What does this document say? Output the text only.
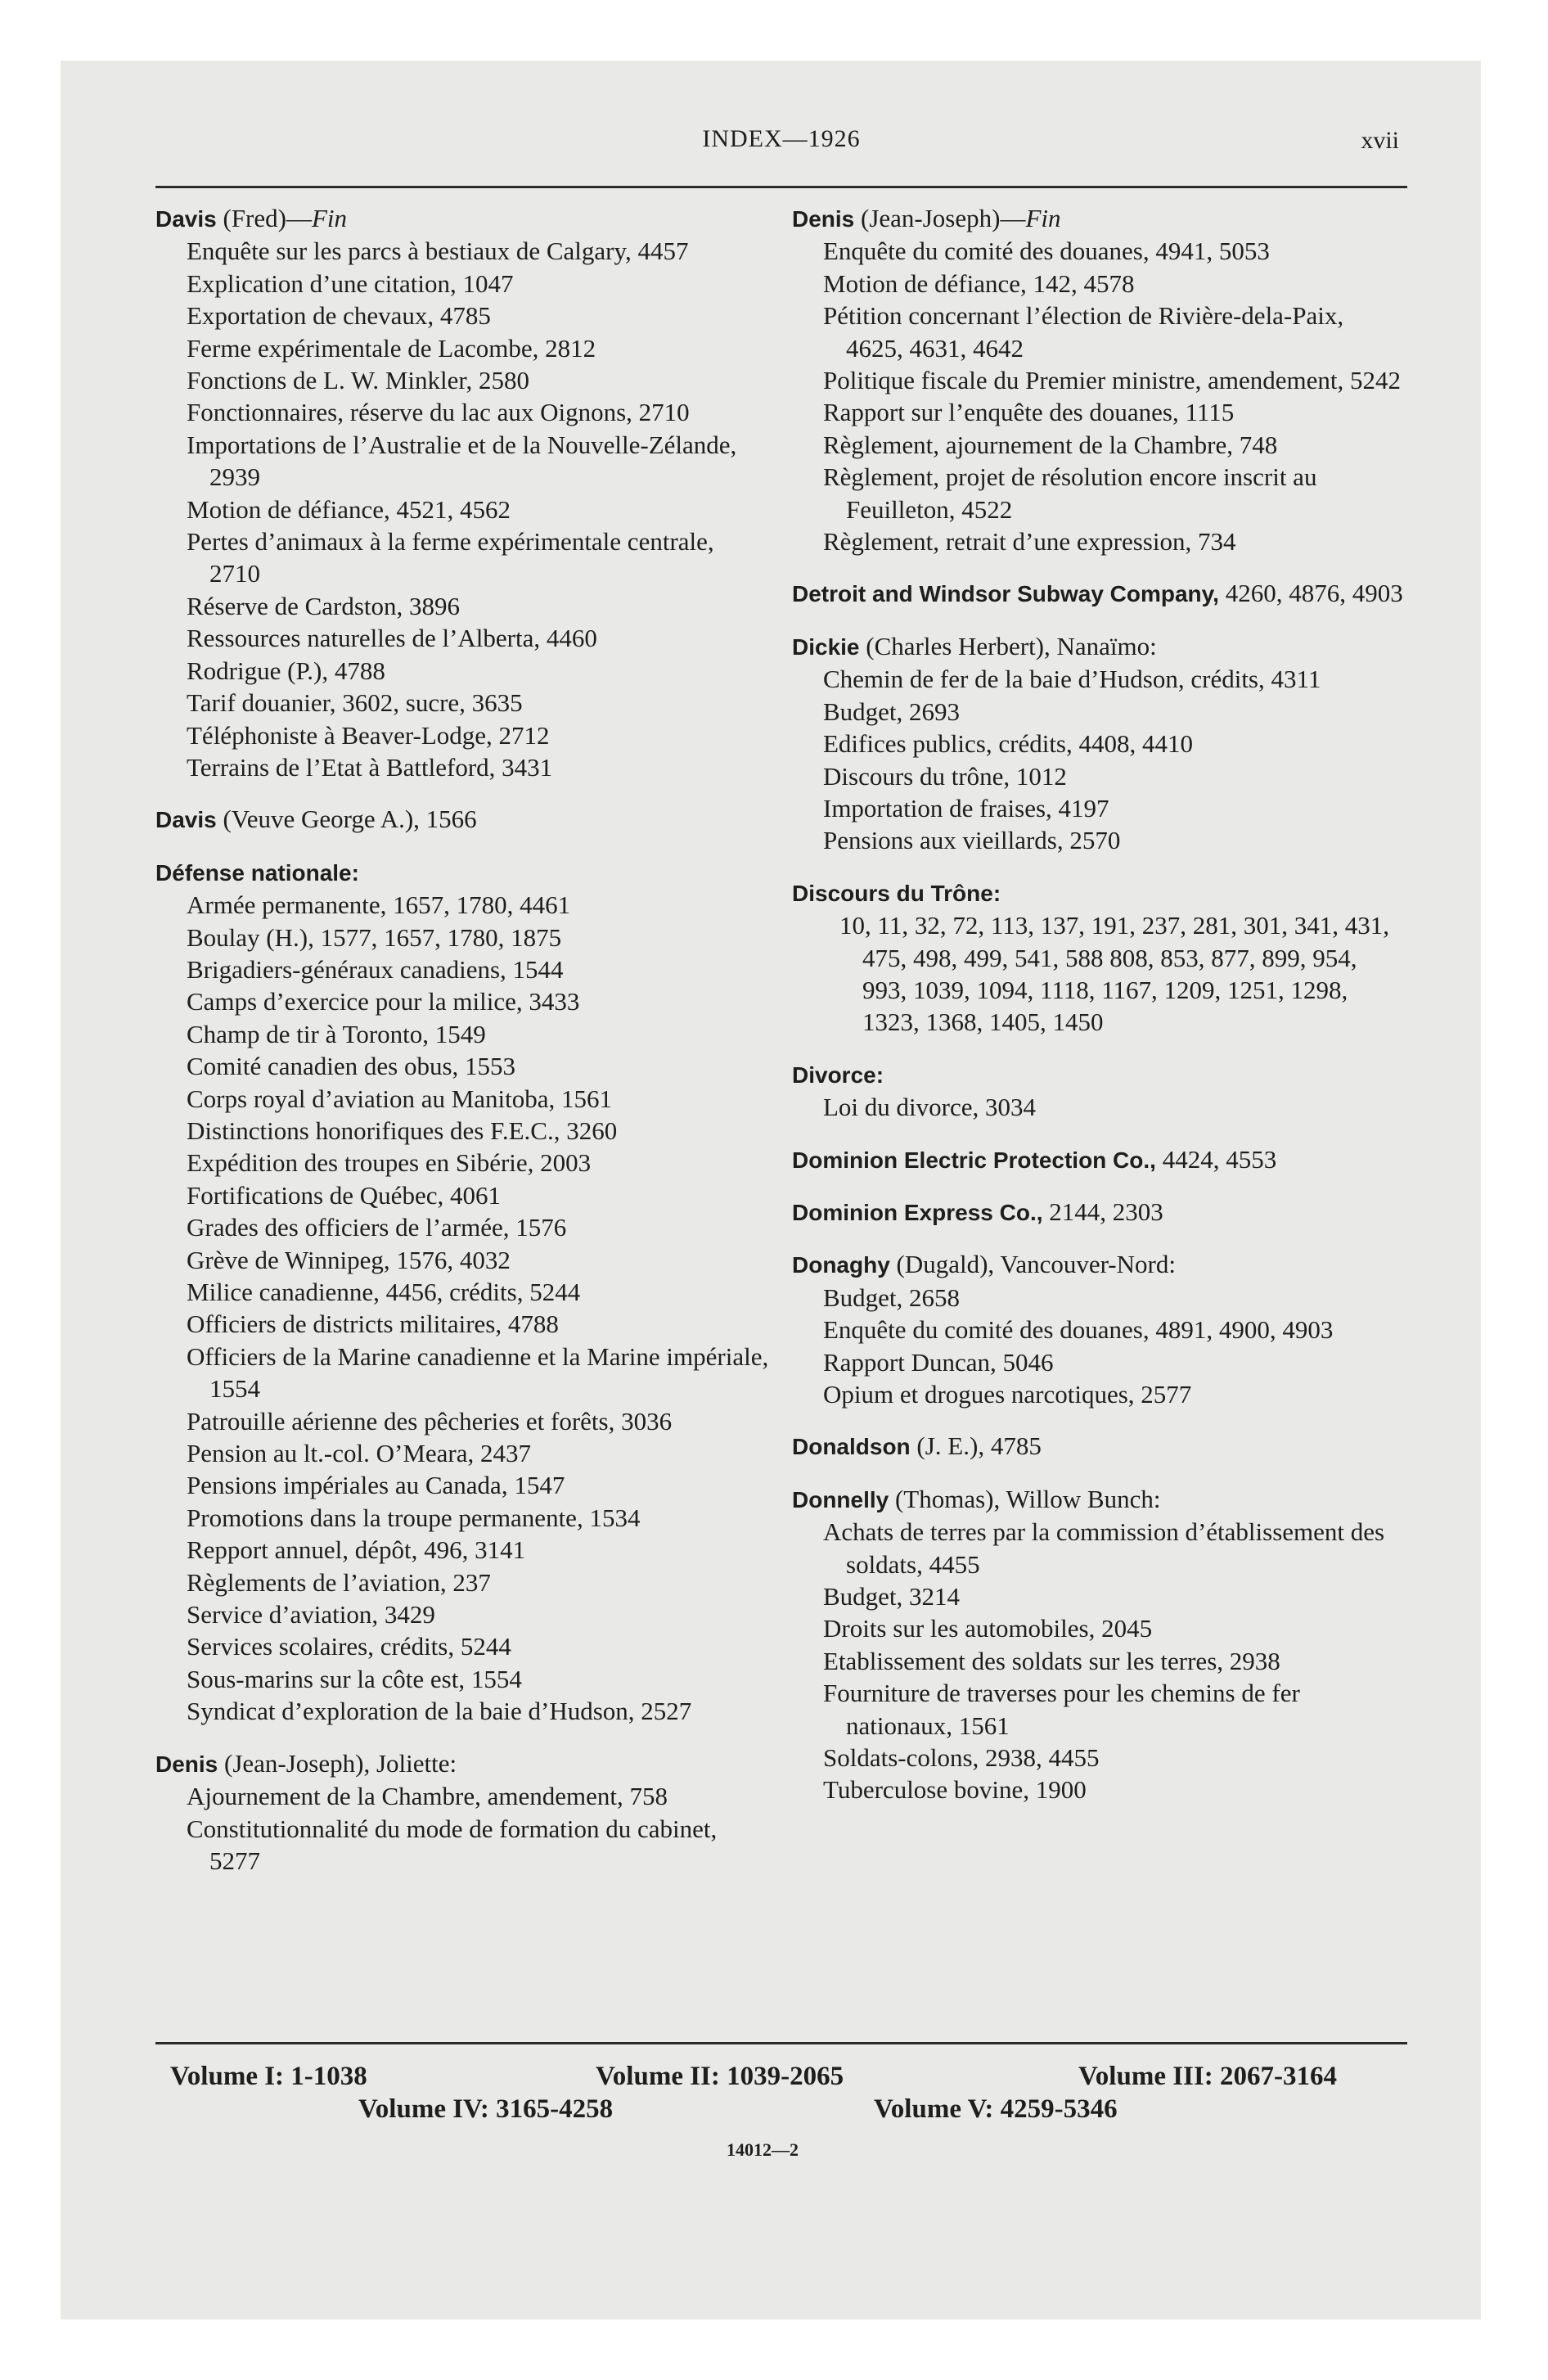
INDEX—1926	xvii
Davis (Fred)—Fin
Enquête sur les parcs à bestiaux de Calgary, 4457
Explication d’une citation, 1047
Exportation de chevaux, 4785
Ferme expérimentale de Lacombe, 2812
Fonctions de L. W. Minkler, 2580
Fonctionnaires, réserve du lac aux Oignons, 2710
Importations de l’Australie et de la Nouvelle-Zélande, 2939
Motion de défiance, 4521, 4562
Pertes d’animaux à la ferme expérimentale centrale, 2710
Réserve de Cardston, 3896
Ressources naturelles de l’Alberta, 4460
Rodrigue (P.), 4788
Tarif douanier, 3602, sucre, 3635
Téléphoniste à Beaver-Lodge, 2712
Terrains de l’Etat à Battleford, 3431
Davis (Veuve George A.), 1566
Défense nationale:
Armée permanente, 1657, 1780, 4461
Boulay (H.), 1577, 1657, 1780, 1875
Brigadiers-généraux canadiens, 1544
Camps d’exercice pour la milice, 3433
Champ de tir à Toronto, 1549
Comité canadien des obus, 1553
Corps royal d’aviation au Manitoba, 1561
Distinctions honorifiques des F.E.C., 3260
Expédition des troupes en Sibérie, 2003
Fortifications de Québec, 4061
Grades des officiers de l’armée, 1576
Grève de Winnipeg, 1576, 4032
Milice canadienne, 4456, crédits, 5244
Officiers de districts militaires, 4788
Officiers de la Marine canadienne et la Marine impériale, 1554
Patrouille aérienne des pêcheries et forêts, 3036
Pension au lt.-col. O’Meara, 2437
Pensions impériales au Canada, 1547
Promotions dans la troupe permanente, 1534
Repport annuel, dépôt, 496, 3141
Règlements de l’aviation, 237
Service d’aviation, 3429
Services scolaires, crédits, 5244
Sous-marins sur la côte est, 1554
Syndicat d’exploration de la baie d’Hudson, 2527
Denis (Jean-Joseph), Joliette:
Ajournement de la Chambre, amendement, 758
Constitutionnalité du mode de formation du cabinet, 5277
Denis (Jean-Joseph)—Fin
Enquête du comité des douanes, 4941, 5053
Motion de défiance, 142, 4578
Pétition concernant l’élection de Rivière-dela-Paix, 4625, 4631, 4642
Politique fiscale du Premier ministre, amendement, 5242
Rapport sur l’enquête des douanes, 1115
Règlement, ajournement de la Chambre, 748
Règlement, projet de résolution encore inscrit au Feuilleton, 4522
Règlement, retrait d’une expression, 734
Detroit and Windsor Subway Company, 4260, 4876, 4903
Dickie (Charles Herbert), Nanaïmo:
Chemin de fer de la baie d’Hudson, crédits, 4311
Budget, 2693
Edifices publics, crédits, 4408, 4410
Discours du trône, 1012
Importation de fraises, 4197
Pensions aux vieillards, 2570
Discours du Trône:
10, 11, 32, 72, 113, 137, 191, 237, 281, 301, 341, 431, 475, 498, 499, 541, 588 808, 853, 877, 899, 954, 993, 1039, 1094, 1118, 1167, 1209, 1251, 1298, 1323, 1368, 1405, 1450
Divorce:
Loi du divorce, 3034
Dominion Electric Protection Co., 4424, 4553
Dominion Express Co., 2144, 2303
Donaghy (Dugald), Vancouver-Nord:
Budget, 2658
Enquête du comité des douanes, 4891, 4900, 4903
Rapport Duncan, 5046
Opium et drogues narcotiques, 2577
Donaldson (J. E.), 4785
Donnelly (Thomas), Willow Bunch:
Achats de terres par la commission d’établissement des soldats, 4455
Budget, 3214
Droits sur les automobiles, 2045
Etablissement des soldats sur les terres, 2938
Fourniture de traverses pour les chemins de fer nationaux, 1561
Soldats-colons, 2938, 4455
Tuberculose bovine, 1900
Volume I: 1-1038	Volume II: 1039-2065	Volume III: 2067-3164
Volume IV: 3165-4258	Volume V: 4259-5346
14012—2
